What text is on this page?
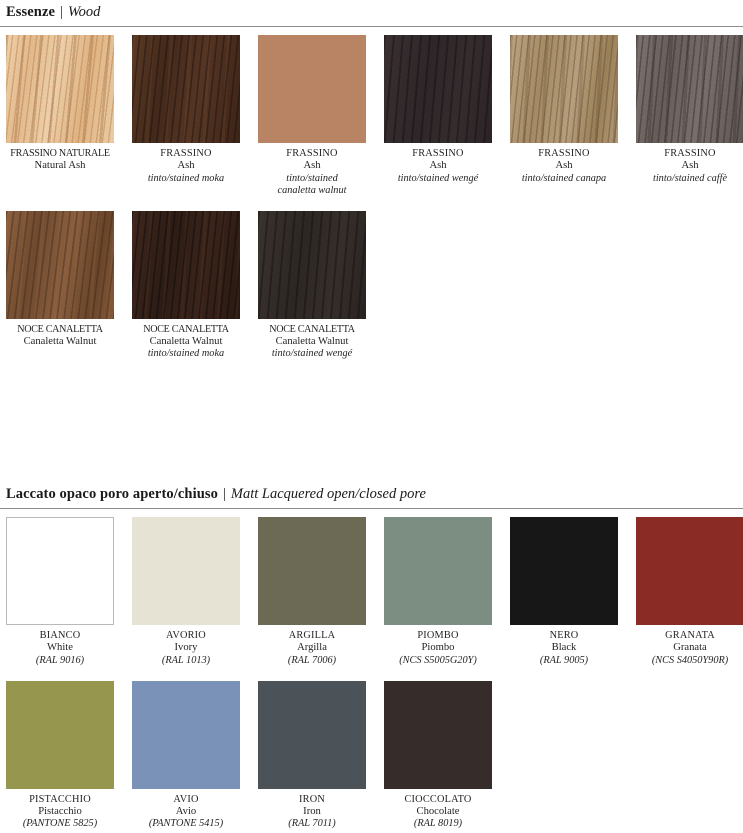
Essenze | Wood
FRASSINO NATURALE
Natural Ash
FRASSINO
Ash
tinto/stained moka
FRASSINO
Ash
tinto/stained
canaletta walnut
FRASSINO
Ash
tinto/stained wengé
FRASSINO
Ash
tinto/stained canapa
FRASSINO
Ash
tinto/stained caffè
NOCE CANALETTA
Canaletta Walnut
NOCE CANALETTA
Canaletta Walnut
tinto/stained moka
NOCE CANALETTA
Canaletta Walnut
tinto/stained wengé
Laccato opaco poro aperto/chiuso | Matt Lacquered open/closed pore
BIANCO
White
(RAL 9016)
AVORIO
Ivory
(RAL 1013)
ARGILLA
Argilla
(RAL 7006)
PIOMBO
Piombo
(NCS S5005G20Y)
NERO
Black
(RAL 9005)
GRANATA
Granata
(NCS S4050Y90R)
PISTACCHIO
Pistacchio
(PANTONE 5825)
AVIO
Avio
(PANTONE 5415)
IRON
Iron
(RAL 7011)
CIOCCOLATO
Chocolate
(RAL 8019)
